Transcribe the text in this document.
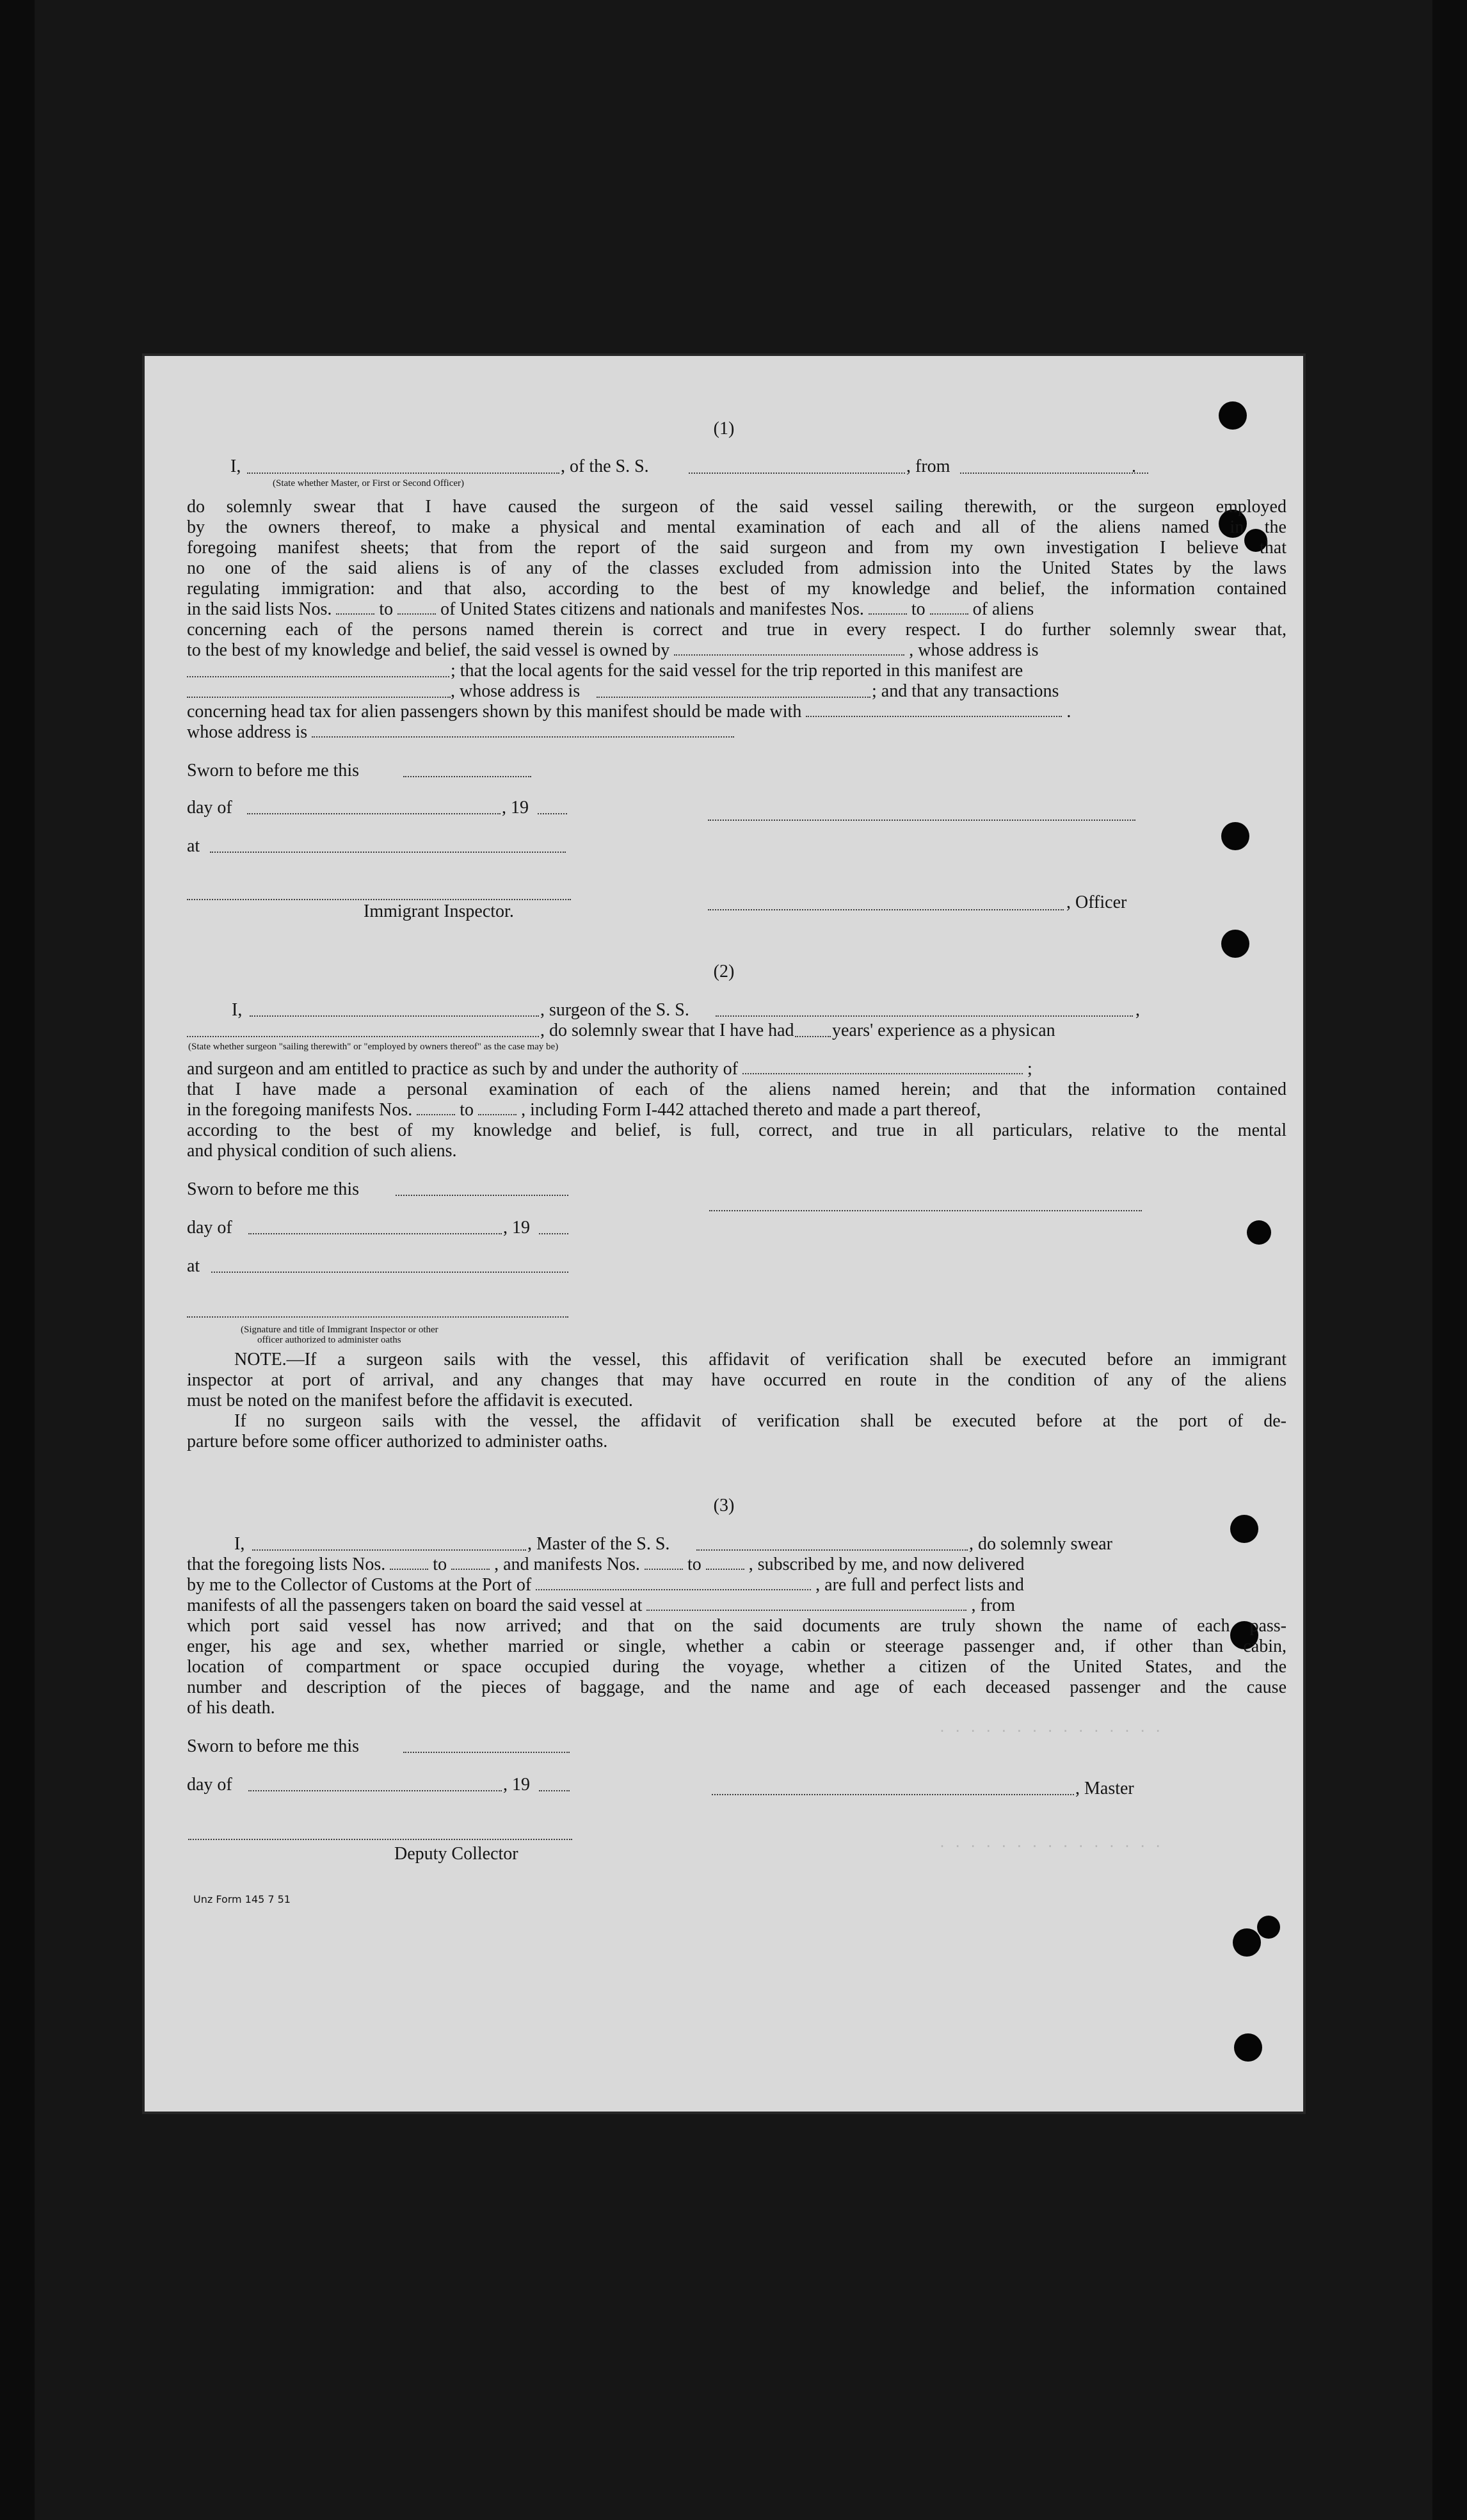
. . . . . . . . . . . . . . .
. . . . . . . . . . . . . . .
(1)
I,	, of the S. S.	, from	.
(State whether Master, or First or Second Officer)
do solemnly swear that I have caused the surgeon of the said vessel sailing therewith, or the surgeon employed
by the owners thereof, to make a physical and mental examination of each and all of the aliens named in the
foregoing manifest sheets; that from the report of the said surgeon and from my own investigation I believe that
no one of the said aliens is of any of the classes excluded from admission into the United States by the laws
regulating immigration: and that also, according to the best of my knowledge and belief, the information contained
in the said lists Nos.	to	of United States citizens and nationals and manifestes Nos.	to	of aliens
concerning each of the persons named therein is correct and true in every respect. I do further solemnly swear that,
to the best of my knowledge and belief, the said vessel is owned by	, whose address is
; that the local agents for the said vessel for the trip reported in this manifest are
, whose address is	; and that any transactions
concerning head tax for alien passengers shown by this manifest should be made with	.
whose address is
Sworn to before me this
day of	, 19
at
Immigrant Inspector.	, Officer
(2)
I,	, surgeon of the S. S.	,
, do solemnly swear that I have had years' experience as a physican
(State whether surgeon "sailing therewith" or "employed by owners thereof" as the case may be)
and surgeon and am entitled to practice as such by and under the authority of	;
that I have made a personal examination of each of the aliens named herein; and that the information contained
in the foregoing manifests Nos.	to	, including Form I-442 attached thereto and made a part thereof,
according to the best of my knowledge and belief, is full, correct, and true in all particulars, relative to the mental
and physical condition of such aliens.
Sworn to before me this
day of	, 19
at
(Signature and title of Immigrant Inspector or other
officer authorized to administer oaths
NOTE.—If a surgeon sails with the vessel, this affidavit of verification shall be executed before an immigrant
inspector at port of arrival, and any changes that may have occurred en route in the condition of any of the aliens
must be noted on the manifest before the affidavit is executed.
If no surgeon sails with the vessel, the affidavit of verification shall be executed before at the port of de-
parture before some officer authorized to administer oaths.
(3)
I,	, Master of the S. S.	, do solemnly swear
that the foregoing lists Nos.	to	, and manifests Nos.	to	, subscribed by me, and now delivered
by me to the Collector of Customs at the Port of	, are full and perfect lists and
manifests of all the passengers taken on board the said vessel at	, from
which port said vessel has now arrived; and that on the said documents are truly shown the name of each pass-
enger, his age and sex, whether married or single, whether a cabin or steerage passenger and, if other than cabin,
location of compartment or space occupied during the voyage, whether a citizen of the United States, and the
number and description of the pieces of baggage, and the name and age of each deceased passenger and the cause
of his death.
Sworn to before me this
day of	, 19	, Master
Deputy Collector
Unz Form 145 7 51
